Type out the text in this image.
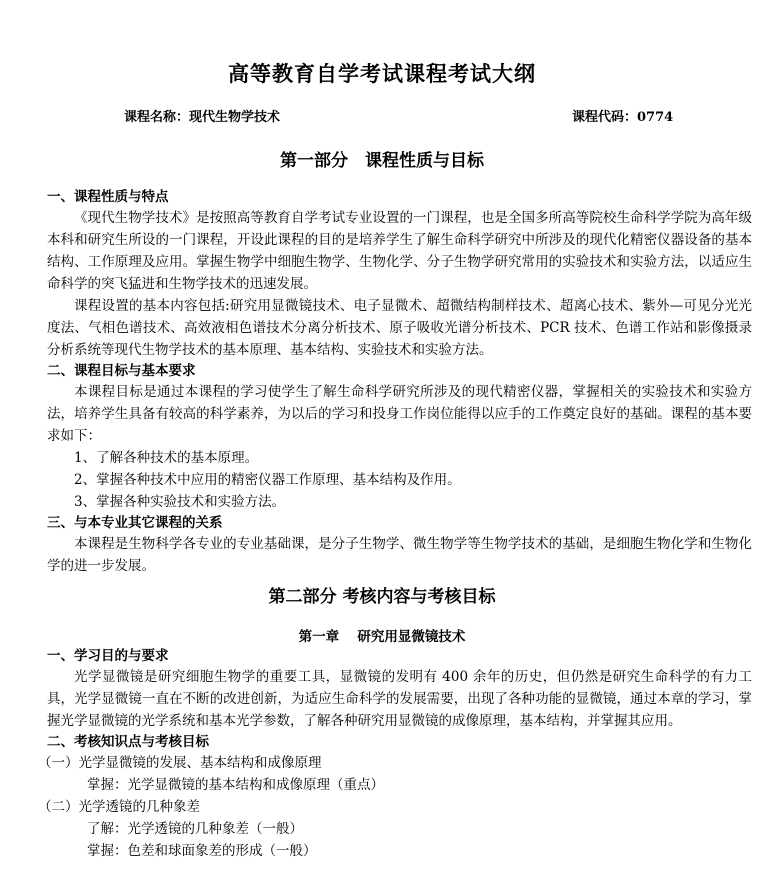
高等教育自学考试课程考试大纲
课程名称：现代生物学技术	课程代码：0774
第一部分　课程性质与目标
一、课程性质与特点
《现代生物学技术》是按照高等教育自学考试专业设置的一门课程，也是全国多所高等院校生命科学学院为高年级本科和研究生所设的一门课程，开设此课程的目的是培养学生了解生命科学研究中所涉及的现代化精密仪器设备的基本结构、工作原理及应用。掌握生物学中细胞生物学、生物化学、分子生物学研究常用的实验技术和实验方法，以适应生命科学的突飞猛进和生物学技术的迅速发展。
课程设置的基本内容包括:研究用显微镜技术、电子显微术、超微结构制样技术、超离心技术、紫外—可见分光光度法、气相色谱技术、高效液相色谱技术分离分析技术、原子吸收光谱分析技术、PCR 技术、色谱工作站和影像摄录分析系统等现代生物学技术的基本原理、基本结构、实验技术和实验方法。
二、课程目标与基本要求
本课程目标是通过本课程的学习使学生了解生命科学研究所涉及的现代精密仪器，掌握相关的实验技术和实验方法，培养学生具备有较高的科学素养，为以后的学习和投身工作岗位能得以应手的工作奠定良好的基础。课程的基本要求如下：
1、了解各种技术的基本原理。
2、掌握各种技术中应用的精密仪器工作原理、基本结构及作用。
3、掌握各种实验技术和实验方法。
三、与本专业其它课程的关系
本课程是生物科学各专业的专业基础课，是分子生物学、微生物学等生物学技术的基础，是细胞生物化学和生物化学的进一步发展。
第二部分 考核内容与考核目标
第一章　 研究用显微镜技术
一、学习目的与要求
光学显微镜是研究细胞生物学的重要工具，显微镜的发明有 400 余年的历史，但仍然是研究生命科学的有力工具，光学显微镜一直在不断的改进创新，为适应生命科学的发展需要，出现了各种功能的显微镜，通过本章的学习，掌握光学显微镜的光学系统和基本光学参数，了解各种研究用显微镜的成像原理，基本结构，并掌握其应用。
二、考核知识点与考核目标
（一）光学显微镜的发展、基本结构和成像原理
掌握：光学显微镜的基本结构和成像原理（重点）
（二）光学透镜的几种象差
了解：光学透镜的几种象差（一般）
掌握：色差和球面象差的形成（一般）
